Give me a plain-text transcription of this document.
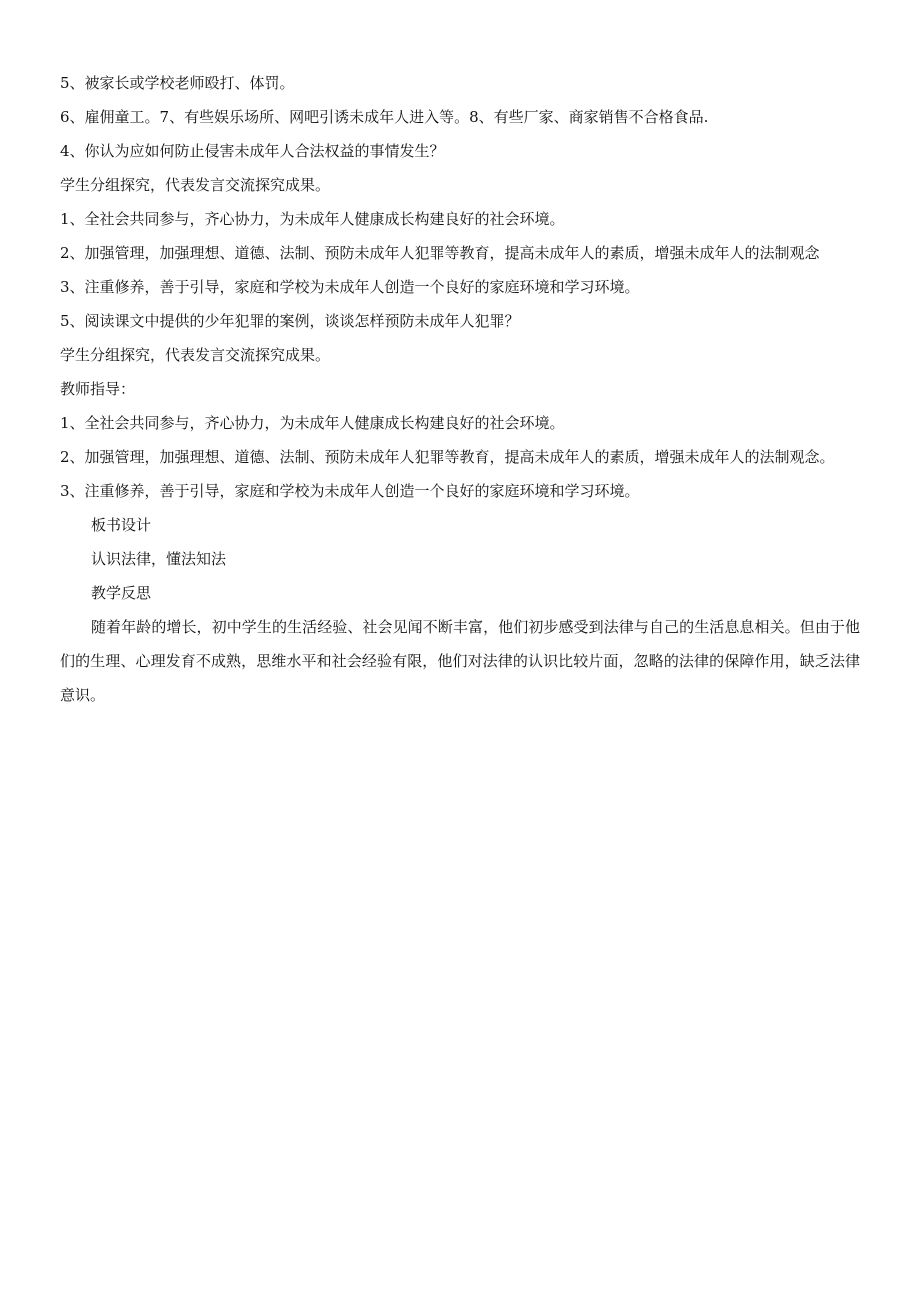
5、被家长或学校老师殴打、体罚。

6、雇佣童工。7、有些娱乐场所、网吧引诱未成年人进入等。8、有些厂家、商家销售不合格食品.

4、你认为应如何防止侵害未成年人合法权益的事情发生？

学生分组探究，代表发言交流探究成果。

1、全社会共同参与，齐心协力，为未成年人健康成长构建良好的社会环境。

2、加强管理，加强理想、道德、法制、预防未成年人犯罪等教育，提高未成年人的素质，增强未成年人的法制观念

3、注重修养，善于引导，家庭和学校为未成年人创造一个良好的家庭环境和学习环境。

5、阅读课文中提供的少年犯罪的案例，谈谈怎样预防未成年人犯罪？

学生分组探究，代表发言交流探究成果。

教师指导：

1、全社会共同参与，齐心协力，为未成年人健康成长构建良好的社会环境。

2、加强管理，加强理想、道德、法制、预防未成年人犯罪等教育，提高未成年人的素质，增强未成年人的法制观念。

3、注重修养，善于引导，家庭和学校为未成年人创造一个良好的家庭环境和学习环境。

板书设计

认识法律，懂法知法

教学反思

随着年龄的增长，初中学生的生活经验、社会见闻不断丰富，他们初步感受到法律与自己的生活息息相关。但由于他们的生理、心理发育不成熟，思维水平和社会经验有限，他们对法律的认识比较片面，忽略的法律的保障作用，缺乏法律意识。
